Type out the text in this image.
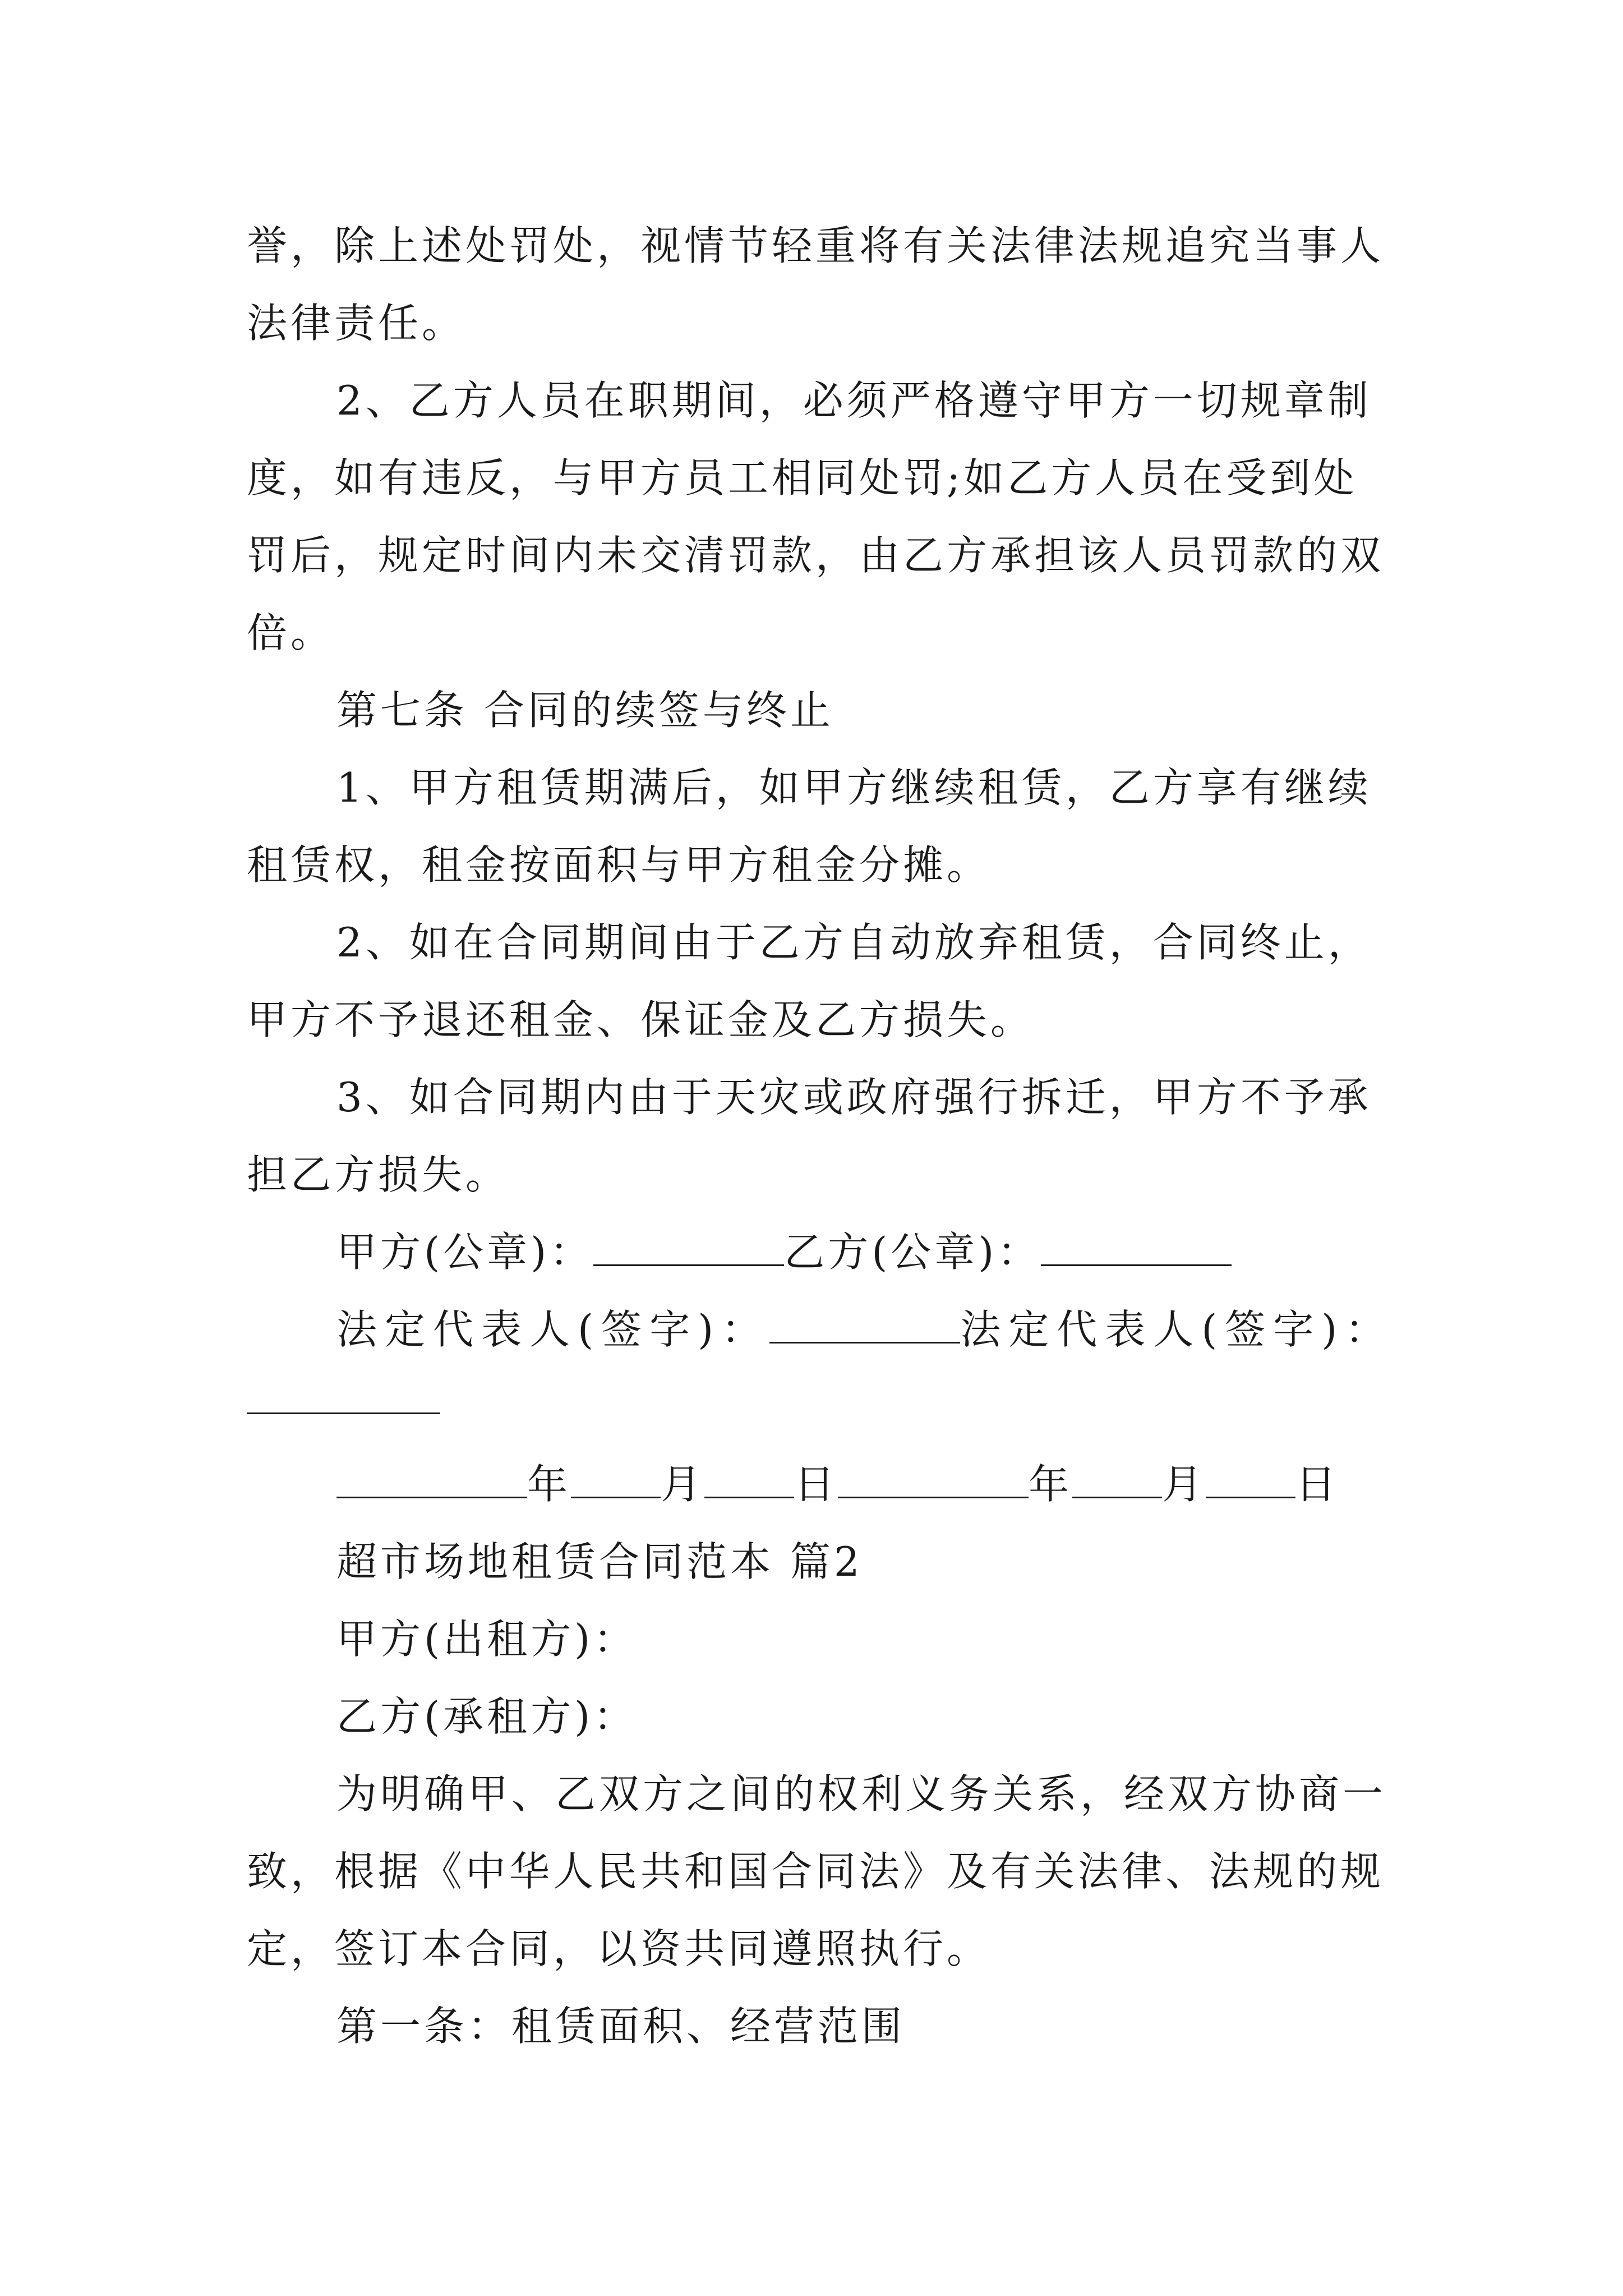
誉，除上述处罚处，视情节轻重将有关法律法规追究当事人
法律责任。
2、乙方人员在职期间，必须严格遵守甲方一切规章制
度，如有违反，与甲方员工相同处罚;如乙方人员在受到处
罚后，规定时间内未交清罚款，由乙方承担该人员罚款的双
倍。
第七条 合同的续签与终止
1、甲方租赁期满后，如甲方继续租赁，乙方享有继续
租赁权，租金按面积与甲方租金分摊。
2、如在合同期间由于乙方自动放弃租赁，合同终止，
甲方不予退还租金、保证金及乙方损失。
3、如合同期内由于天灾或政府强行拆迁，甲方不予承
担乙方损失。
甲方(公章)：	乙方(公章)：
法定代表人(签字)：	法定代表人(签字)：
年 月 日	年 月 日
超市场地租赁合同范本 篇2
甲方(出租方)：
乙方(承租方)：
为明确甲、乙双方之间的权利义务关系，经双方协商一
致，根据《中华人民共和国合同法》及有关法律、法规的规
定，签订本合同，以资共同遵照执行。
第一条：租赁面积、经营范围
